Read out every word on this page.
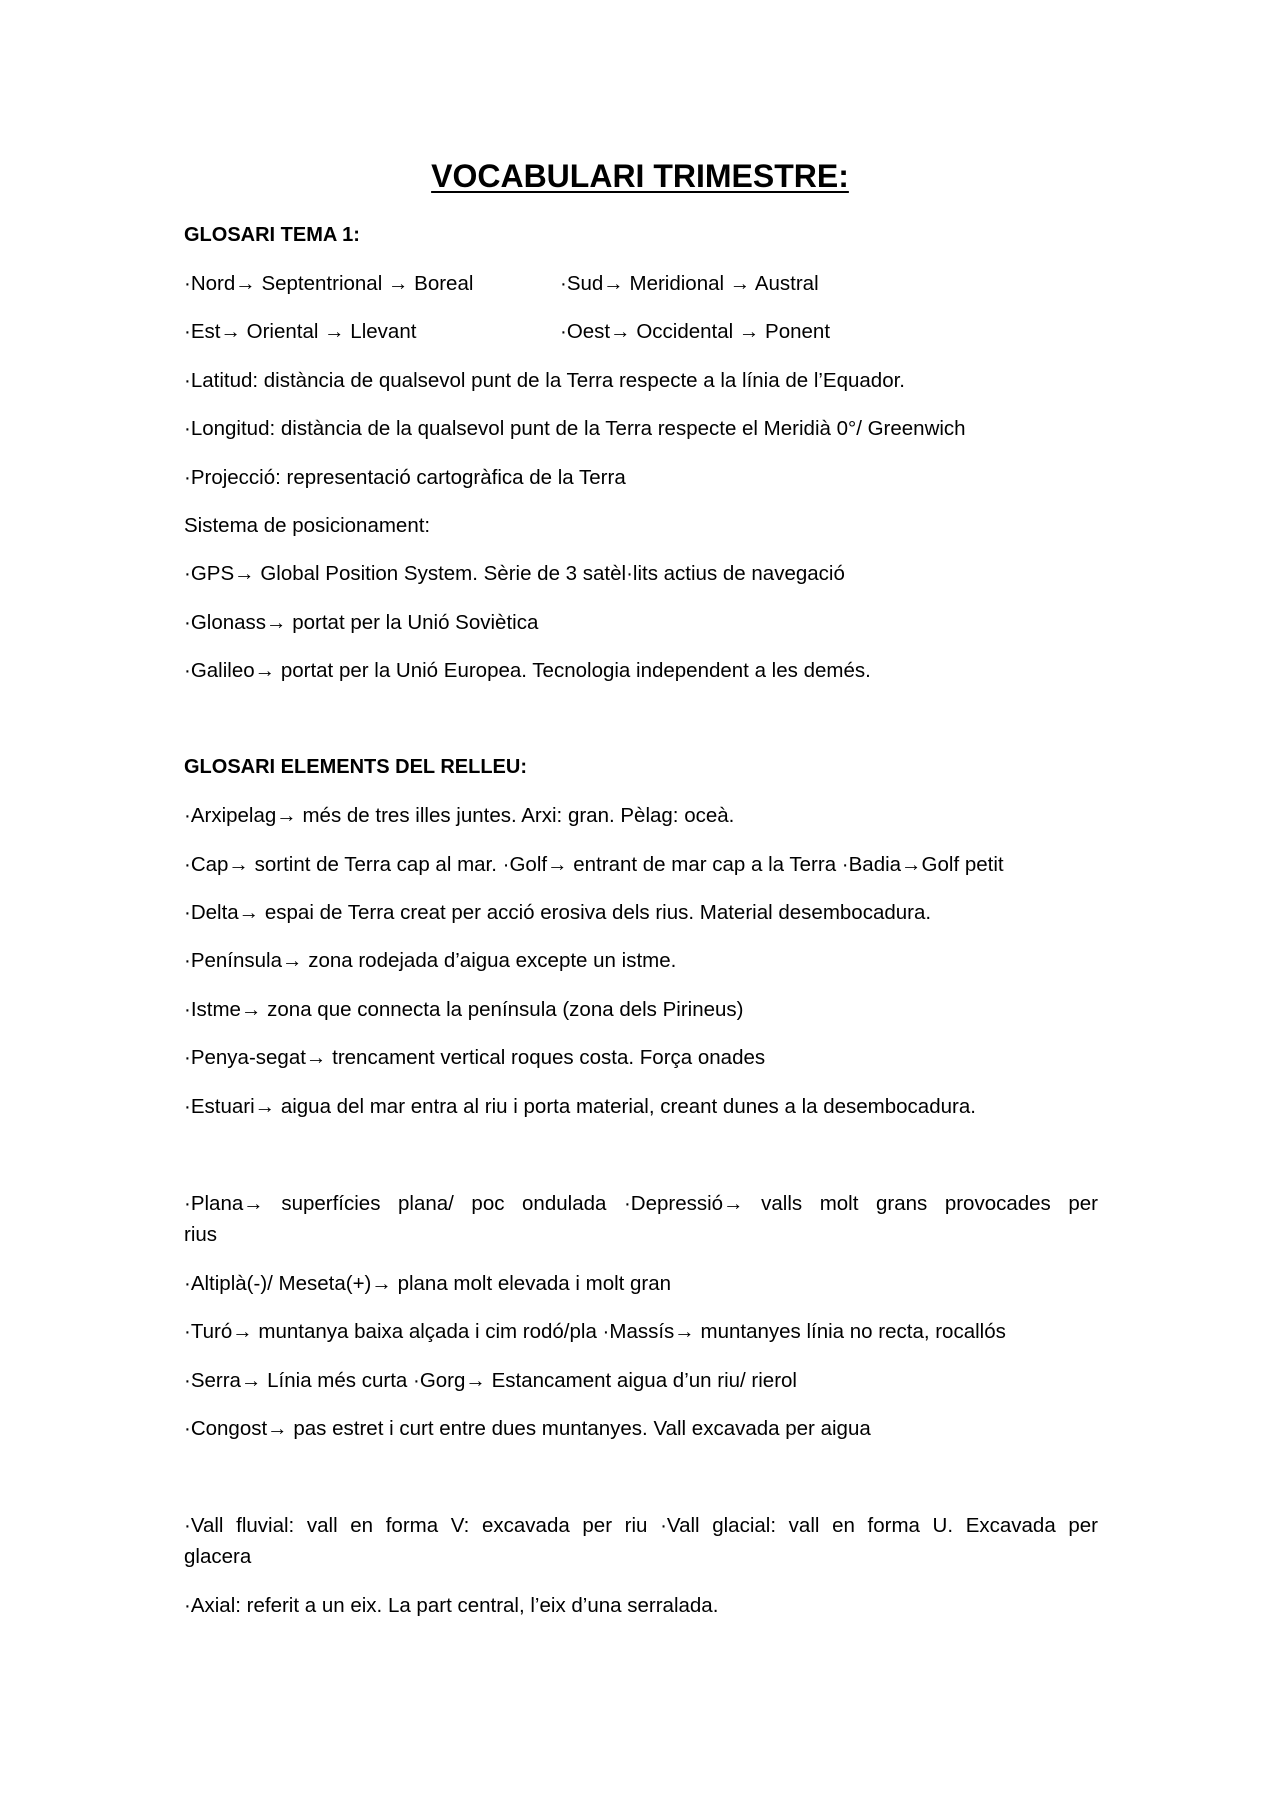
VOCABULARI TRIMESTRE:
GLOSARI TEMA 1:
·Nord→ Septentrional → Boreal	·Sud→ Meridional → Austral
·Est→ Oriental → Llevant	·Oest→ Occidental → Ponent
·Latitud: distància de qualsevol punt de la Terra respecte a la línia de l’Equador.
·Longitud: distància de la qualsevol punt de la Terra respecte el Meridià 0°/ Greenwich
·Projecció: representació cartogràfica de la Terra
Sistema de posicionament:
·GPS→ Global Position System. Sèrie de 3 satèl·lits actius de navegació
·Glonass→ portat per la Unió Soviètica
·Galileo→ portat per la Unió Europea. Tecnologia independent a les demés.
GLOSARI ELEMENTS DEL RELLEU:
·Arxipelag→ més de tres illes juntes. Arxi: gran. Pèlag: oceà.
·Cap→ sortint de Terra cap al mar. ·Golf→ entrant de mar cap a la Terra ·Badia→Golf petit
·Delta→ espai de Terra creat per acció erosiva dels rius. Material desembocadura.
·Península→ zona rodejada d’aigua excepte un istme.
·Istme→ zona que connecta la península (zona dels Pirineus)
·Penya-segat→ trencament vertical roques costa. Força onades
·Estuari→ aigua del mar entra al riu i porta material, creant dunes a la desembocadura.
·Plana→ superfícies plana/ poc ondulada ·Depressió→ valls molt grans provocades per
rius
·Altiplà(-)/ Meseta(+)→ plana molt elevada i molt gran
·Turó→ muntanya baixa alçada i cim rodó/pla ·Massís→ muntanyes línia no recta, rocallós
·Serra→ Línia més curta ·Gorg→ Estancament aigua d’un riu/ rierol
·Congost→ pas estret i curt entre dues muntanyes. Vall excavada per aigua
·Vall fluvial: vall en forma V: excavada per riu ·Vall glacial: vall en forma U. Excavada per
glacera
·Axial: referit a un eix. La part central, l’eix d’una serralada.
